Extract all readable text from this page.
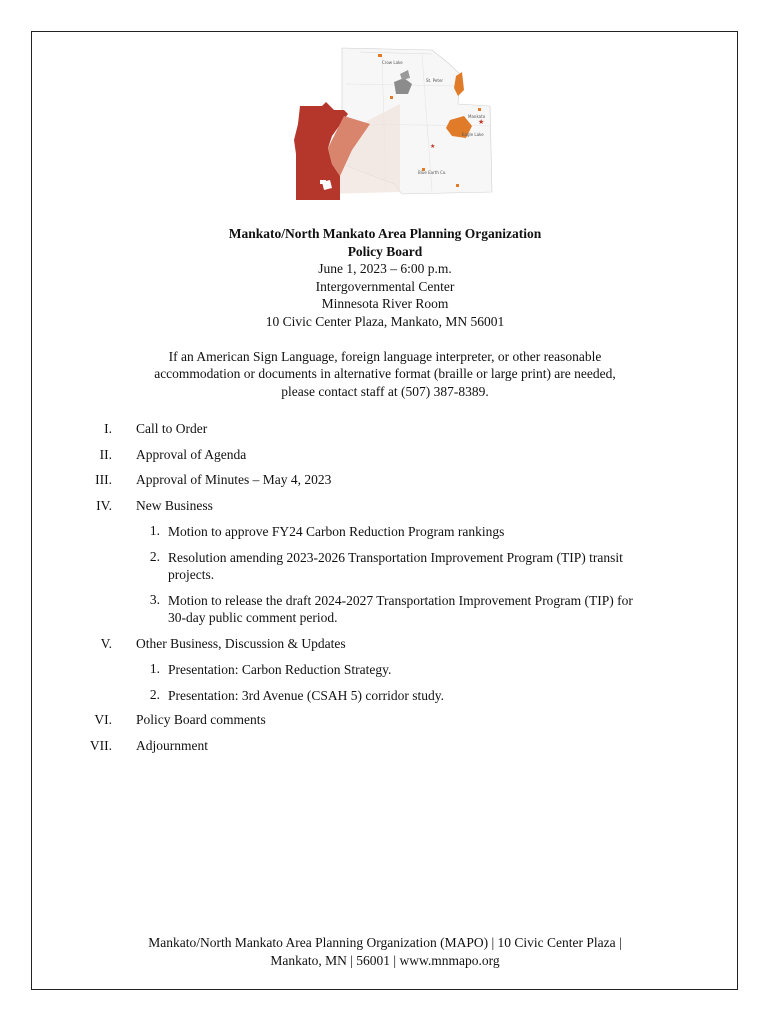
★
★
Crow Lake
St. Peter
Mankato
Eagle Lake
Blue Earth Co.
Mankato/North Mankato Area Planning Organization
Policy Board
June 1, 2023 – 6:00 p.m.
Intergovernmental Center
Minnesota River Room
10 Civic Center Plaza, Mankato, MN 56001
If an American Sign Language, foreign language interpreter, or other reasonable
accommodation or documents in alternative format (braille or large print) are needed,
please contact staff at (507) 387-8389.
I. Call to Order
II. Approval of Agenda
III. Approval of Minutes – May 4, 2023
IV. New Business
1. Motion to approve FY24 Carbon Reduction Program rankings
2. Resolution amending 2023-2026 Transportation Improvement Program (TIP) transit projects.
3. Motion to release the draft 2024-2027 Transportation Improvement Program (TIP) for 30-day public comment period.
V. Other Business, Discussion & Updates
1. Presentation: Carbon Reduction Strategy.
2. Presentation: 3rd Avenue (CSAH 5) corridor study.
VI. Policy Board comments
VII. Adjournment
Mankato/North Mankato Area Planning Organization (MAPO) | 10 Civic Center Plaza |
Mankato, MN | 56001 | www.mnmapo.org
